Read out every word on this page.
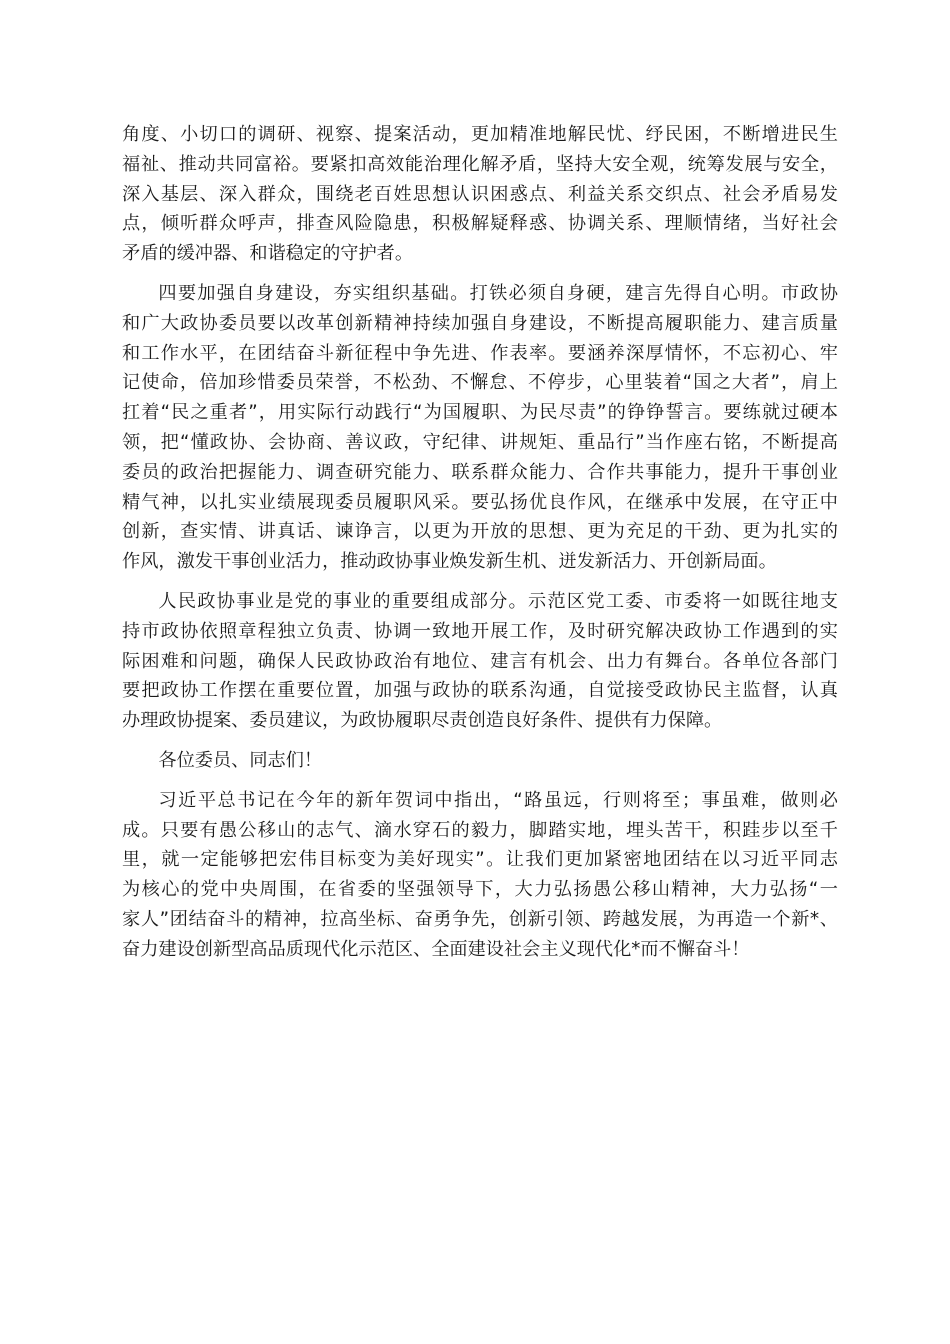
角度、小切口的调研、视察、提案活动，更加精准地解民忧、纾民困，不断增进民生
福祉、推动共同富裕。要紧扣高效能治理化解矛盾，坚持大安全观，统筹发展与安全，
深入基层、深入群众，围绕老百姓思想认识困惑点、利益关系交织点、社会矛盾易发
点，倾听群众呼声，排查风险隐患，积极解疑释惑、协调关系、理顺情绪，当好社会
矛盾的缓冲器、和谐稳定的守护者。

四要加强自身建设，夯实组织基础。打铁必须自身硬，建言先得自心明。市政协
和广大政协委员要以改革创新精神持续加强自身建设，不断提高履职能力、建言质量
和工作水平，在团结奋斗新征程中争先进、作表率。要涵养深厚情怀，不忘初心、牢
记使命，倍加珍惜委员荣誉，不松劲、不懈怠、不停步，心里装着“国之大者”，肩上
扛着“民之重者”，用实际行动践行“为国履职、为民尽责”的铮铮誓言。要练就过硬本
领，把“懂政协、会协商、善议政，守纪律、讲规矩、重品行”当作座右铭，不断提高
委员的政治把握能力、调查研究能力、联系群众能力、合作共事能力，提升干事创业
精气神，以扎实业绩展现委员履职风采。要弘扬优良作风，在继承中发展，在守正中
创新，查实情、讲真话、谏诤言，以更为开放的思想、更为充足的干劲、更为扎实的
作风，激发干事创业活力，推动政协事业焕发新生机、迸发新活力、开创新局面。

人民政协事业是党的事业的重要组成部分。示范区党工委、市委将一如既往地支
持市政协依照章程独立负责、协调一致地开展工作，及时研究解决政协工作遇到的实
际困难和问题，确保人民政协政治有地位、建言有机会、出力有舞台。各单位各部门
要把政协工作摆在重要位置，加强与政协的联系沟通，自觉接受政协民主监督，认真
办理政协提案、委员建议，为政协履职尽责创造良好条件、提供有力保障。

各位委员、同志们！

习近平总书记在今年的新年贺词中指出，“路虽远，行则将至；事虽难，做则必
成。只要有愚公移山的志气、滴水穿石的毅力，脚踏实地，埋头苦干，积跬步以至千
里，就一定能够把宏伟目标变为美好现实”。让我们更加紧密地团结在以习近平同志
为核心的党中央周围，在省委的坚强领导下，大力弘扬愚公移山精神，大力弘扬“一
家人”团结奋斗的精神，拉高坐标、奋勇争先，创新引领、跨越发展，为再造一个新*、
奋力建设创新型高品质现代化示范区、全面建设社会主义现代化*而不懈奋斗！
